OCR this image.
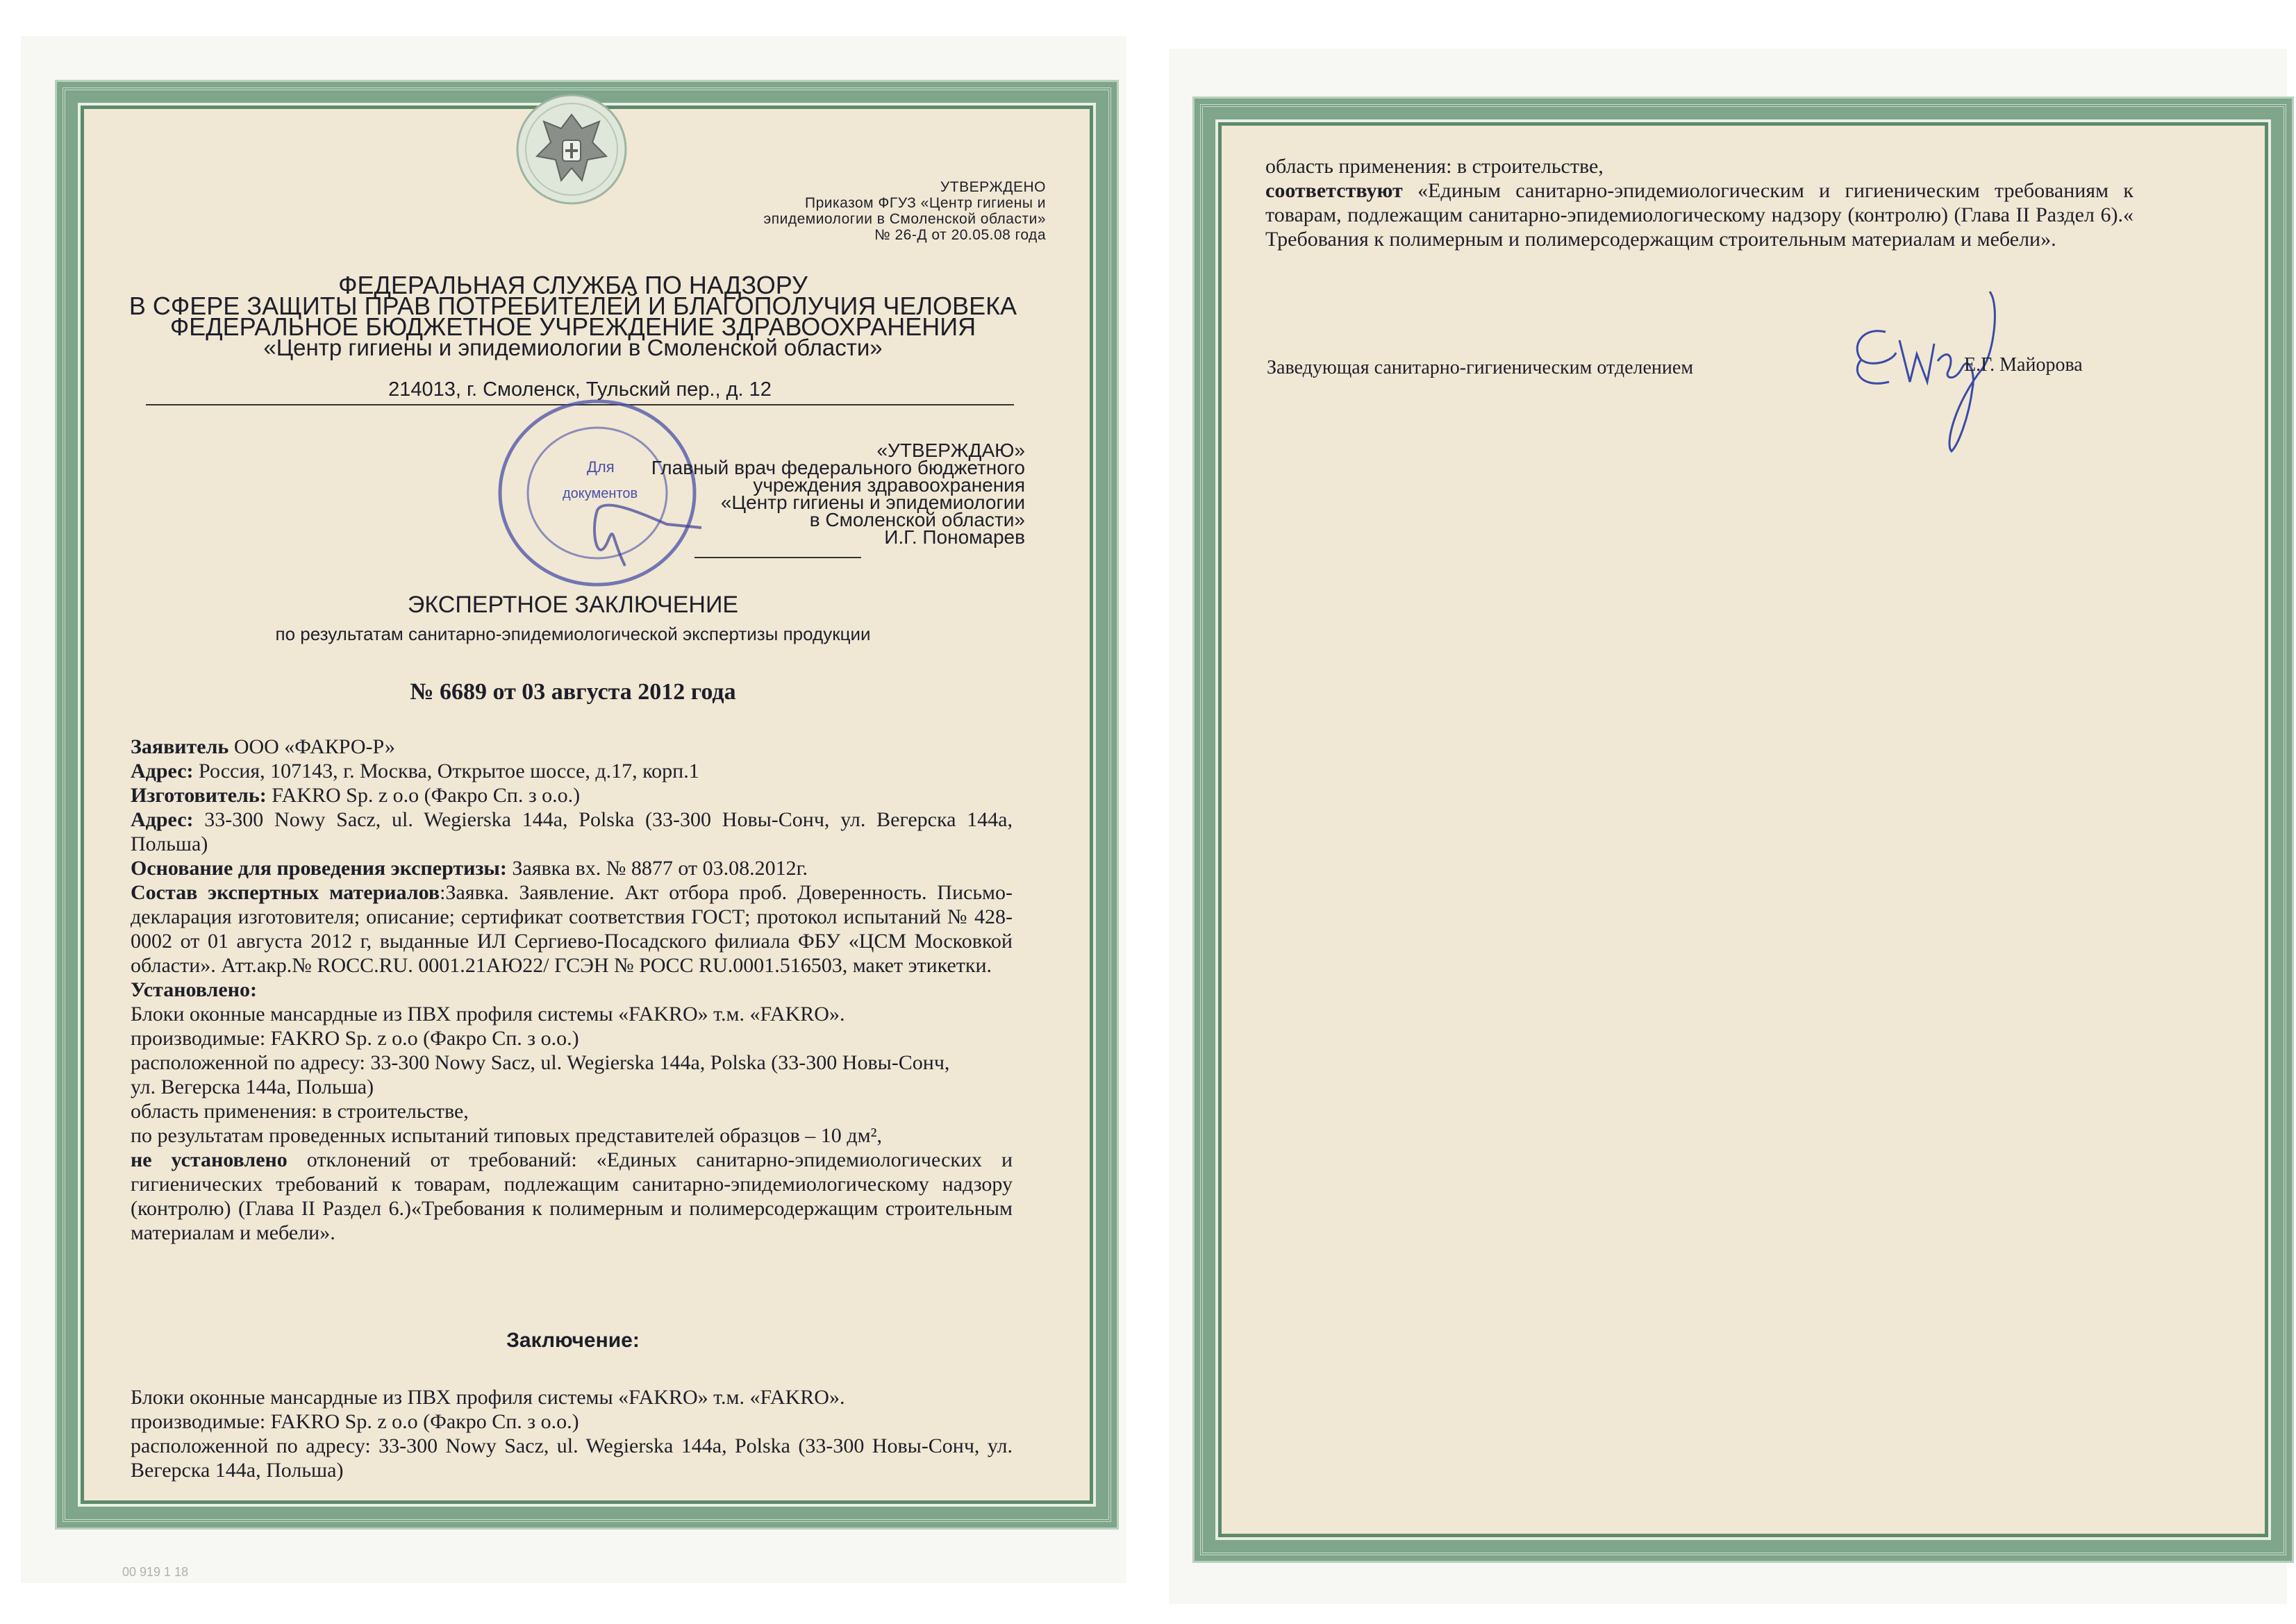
УТВЕРЖДЕНО
Приказом ФГУЗ «Центр гигиены и
эпидемиологии в Смоленской области»
№ 26-Д от 20.05.08 года
ФЕДЕРАЛЬНАЯ СЛУЖБА ПО НАДЗОРУ
В СФЕРЕ ЗАЩИТЫ ПРАВ ПОТРЕБИТЕЛЕЙ И БЛАГОПОЛУЧИЯ ЧЕЛОВЕКА
ФЕДЕРАЛЬНОЕ БЮДЖЕТНОЕ УЧРЕЖДЕНИЕ ЗДРАВООХРАНЕНИЯ
«Центр гигиены и эпидемиологии в Смоленской области»
214013, г. Смоленск, Тульский пер., д. 12
Для
документов
«УТВЕРЖДАЮ»
Главный врач федерального бюджетного
учреждения здравоохранения
«Центр гигиены и эпидемиологии
в Смоленской области»
И.Г. Пономарев
ЭКСПЕРТНОЕ ЗАКЛЮЧЕНИЕ
по результатам санитарно-эпидемиологической экспертизы продукции
№ 6689 от 03 августа 2012 года
Заявитель ООО «ФАКРО-Р»
Адрес: Россия, 107143, г. Москва, Открытое шоссе, д.17, корп.1
Изготовитель: FAKRO Sp. z o.o (Факро Сп. з о.о.)
Адрес: 33-300 Nowy Sacz, ul. Wegierska 144a, Polska (33-300 Новы-Сонч, ул. Вегерска 144а, Польша)
Основание для проведения экспертизы: Заявка вх. № 8877 от 03.08.2012г.
Состав экспертных материалов:Заявка. Заявление. Акт отбора проб. Доверенность. Письмо-декларация изготовителя; описание; сертификат соответствия ГОСТ; протокол испытаний № 428-0002 от 01 августа 2012 г, выданные ИЛ Сергиево-Посадского филиала ФБУ «ЦСМ Московкой области». Атт.акр.№ ROCC.RU. 0001.21АЮ22/ ГСЭН № POCC RU.0001.516503, макет этикетки.
Установлено:
Блоки оконные мансардные из ПВХ профиля системы «FAKRO» т.м. «FAKRO».
производимые: FAKRO Sp. z o.o (Факро Сп. з о.о.)
расположенной по адресу: 33-300 Nowy Sacz, ul. Wegierska 144a, Polska (33-300 Новы-Сонч,
ул. Вегерска 144а, Польша)
область применения: в строительстве,
по результатам проведенных испытаний типовых представителей образцов – 10 дм²,
не установлено отклонений от требований: «Единых санитарно-эпидемиологических и гигиенических требований к товарам, подлежащим санитарно-эпидемиологическому надзору (контролю) (Глава II Раздел 6.)«Требования к полимерным и полимерсодержащим строительным материалам и мебели».
Заключение:
Блоки оконные мансардные из ПВХ профиля системы «FAKRO» т.м. «FAKRO».
производимые: FAKRO Sp. z o.o (Факро Сп. з о.о.)
расположенной по адресу: 33-300 Nowy Sacz, ul. Wegierska 144a, Polska (33-300 Новы-Сонч, ул. Вегерска 144а, Польша)
00 919 1 18
область применения: в строительстве,
соответствуют «Единым санитарно-эпидемиологическим и гигиеническим требованиям к товарам, подлежащим санитарно-эпидемиологическому надзору (контролю) (Глава II Раздел 6).« Требования к полимерным и полимерсодержащим строительным материалам и мебели».
Заведующая санитарно-гигиеническим отделением	Е.Г. Майорова
